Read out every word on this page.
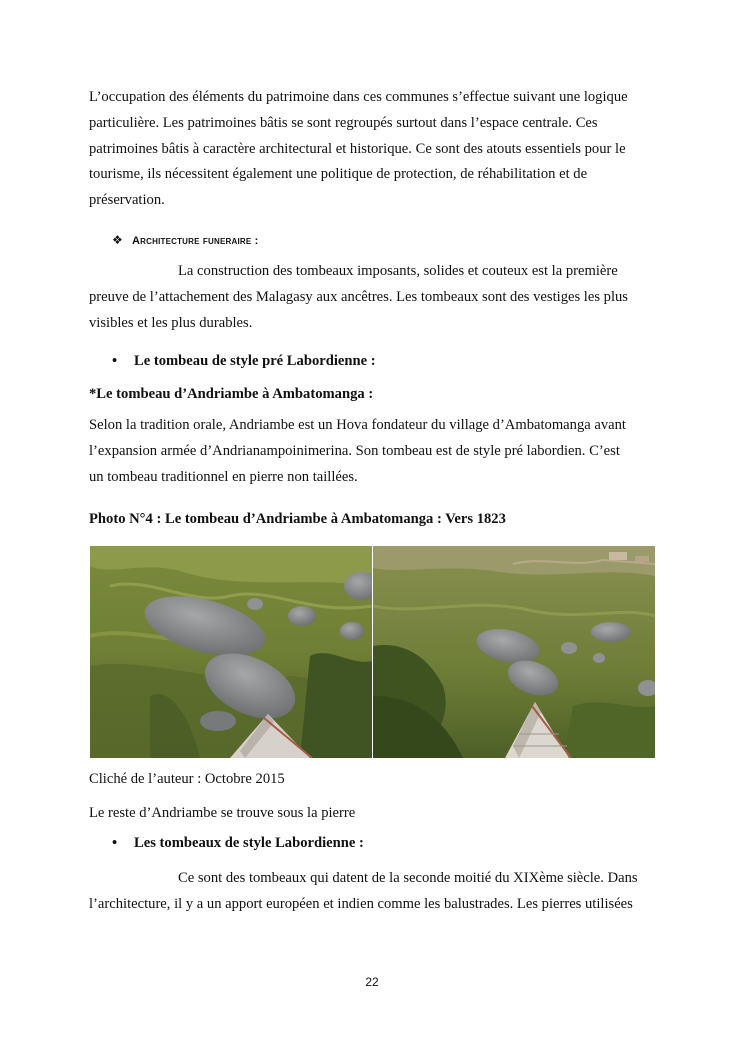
L’occupation des éléments du patrimoine dans ces communes s’effectue suivant une logique
particulière. Les patrimoines bâtis se sont regroupés surtout dans l’espace centrale. Ces
patrimoines bâtis à caractère architectural et historique. Ce sont des atouts essentiels pour le
tourisme, ils nécessitent également une politique de protection, de réhabilitation et de
préservation.

❖ Architecture funeraire :

La construction des tombeaux imposants, solides et couteux est la première
preuve de l’attachement des Malagasy aux ancêtres. Les tombeaux sont des vestiges les plus
visibles et les plus durables.

• Le tombeau de style pré Labordienne :
*Le tombeau d’Andriambe à Ambatomanga :

Selon la tradition orale, Andriambe est un Hova fondateur du village d’Ambatomanga avant
l’expansion armée d’Andrianampoinimerina. Son tombeau est de style pré labordien. C’est
un tombeau traditionnel en pierre non taillées.

Photo N°4 : Le tombeau d’Andriambe à Ambatomanga : Vers 1823
Cliché de l’auteur : Octobre 2015
Le reste d’Andriambe se trouve sous la pierre
• Les tombeaux de style Labordienne :

Ce sont des tombeaux qui datent de la seconde moitié du XIXème siècle. Dans
l’architecture, il y a un apport européen et indien comme les balustrades. Les pierres utilisées

22
